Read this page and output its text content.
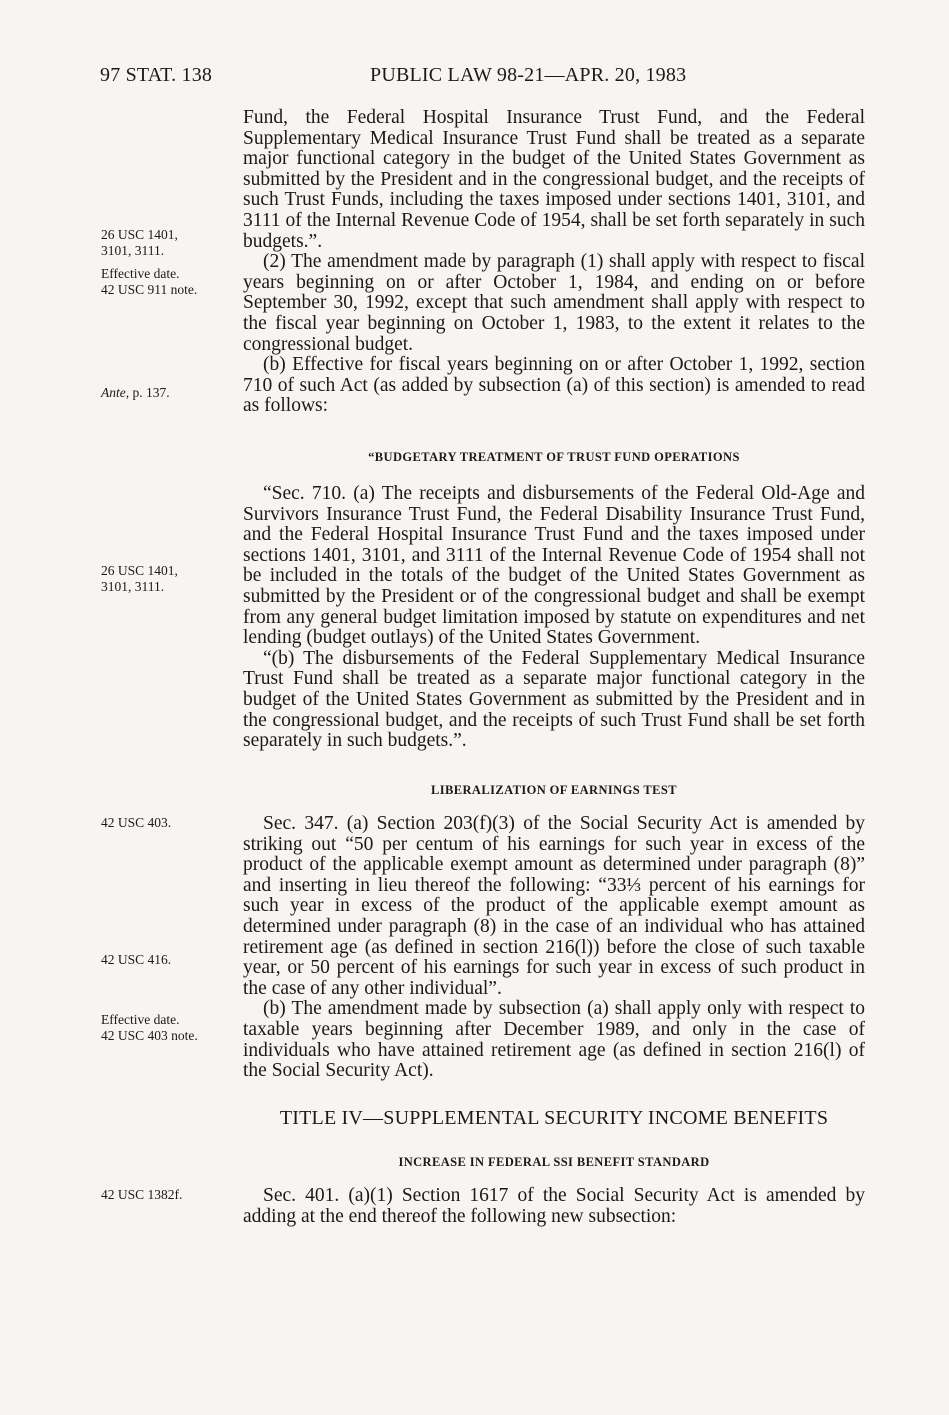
97 STAT. 138	PUBLIC LAW 98-21—APR. 20, 1983
26 USC 1401,
3101, 3111.
Effective date.
42 USC 911 note.
Ante, p. 137.
26 USC 1401,
3101, 3111.
42 USC 403.
42 USC 416.
Effective date.
42 USC 403 note.
42 USC 1382f.

Fund, the Federal Hospital Insurance Trust Fund, and the Federal Supplementary Medical Insurance Trust Fund shall be treated as a separate major functional category in the budget of the United States Government as submitted by the President and in the congressional budget, and the receipts of such Trust Funds, including the taxes imposed under sections 1401, 3101, and 3111 of the Internal Revenue Code of 1954, shall be set forth separately in such budgets.”.

(2) The amendment made by paragraph (1) shall apply with respect to fiscal years beginning on or after October 1, 1984, and ending on or before September 30, 1992, except that such amendment shall apply with respect to the fiscal year beginning on October 1, 1983, to the extent it relates to the congressional budget.

(b) Effective for fiscal years beginning on or after October 1, 1992, section 710 of such Act (as added by subsection (a) of this section) is amended to read as follows:

“BUDGETARY TREATMENT OF TRUST FUND OPERATIONS

“Sec. 710. (a) The receipts and disbursements of the Federal Old-Age and Survivors Insurance Trust Fund, the Federal Disability Insurance Trust Fund, and the Federal Hospital Insurance Trust Fund and the taxes imposed under sections 1401, 3101, and 3111 of the Internal Revenue Code of 1954 shall not be included in the totals of the budget of the United States Government as submitted by the President or of the congressional budget and shall be exempt from any general budget limitation imposed by statute on expenditures and net lending (budget outlays) of the United States Government.

“(b) The disbursements of the Federal Supplementary Medical Insurance Trust Fund shall be treated as a separate major functional category in the budget of the United States Government as submitted by the President and in the congressional budget, and the receipts of such Trust Fund shall be set forth separately in such budgets.”.

LIBERALIZATION OF EARNINGS TEST

Sec. 347. (a) Section 203(f)(3) of the Social Security Act is amended by striking out “50 per centum of his earnings for such year in excess of the product of the applicable exempt amount as determined under paragraph (8)” and inserting in lieu thereof the following: “33⅓ percent of his earnings for such year in excess of the product of the applicable exempt amount as determined under paragraph (8) in the case of an individual who has attained retirement age (as defined in section 216(l)) before the close of such taxable year, or 50 percent of his earnings for such year in excess of such product in the case of any other individual”.

(b) The amendment made by subsection (a) shall apply only with respect to taxable years beginning after December 1989, and only in the case of individuals who have attained retirement age (as defined in section 216(l) of the Social Security Act).

TITLE IV—SUPPLEMENTAL SECURITY INCOME BENEFITS
INCREASE IN FEDERAL SSI BENEFIT STANDARD

Sec. 401. (a)(1) Section 1617 of the Social Security Act is amended by adding at the end thereof the following new subsection:
